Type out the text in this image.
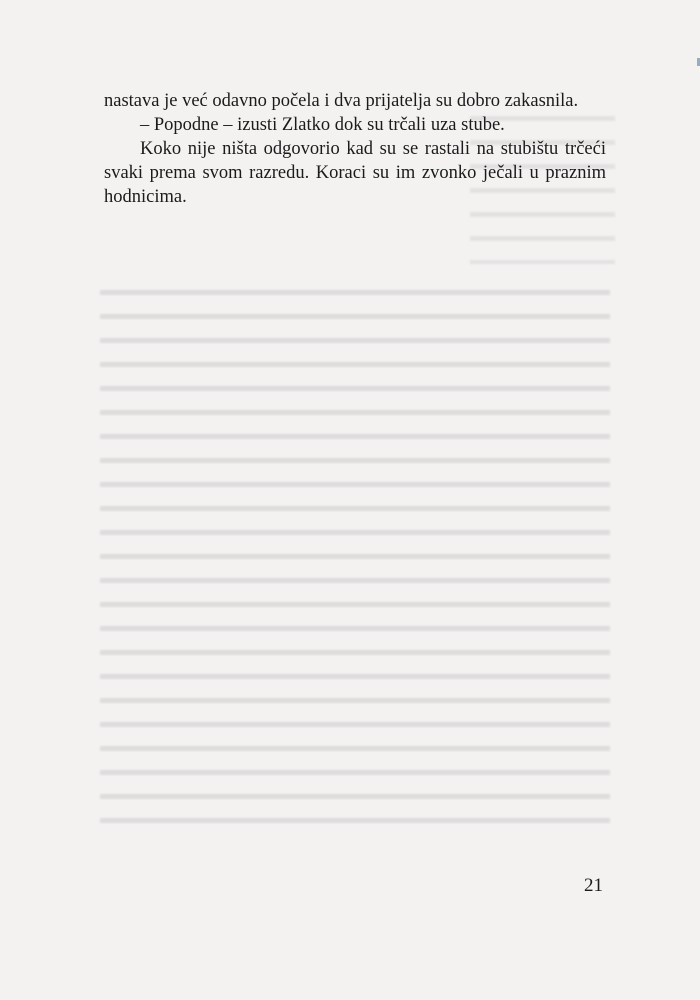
nastava je već odavno počela i dva prijatelja su dobro zakasnila.

– Popodne – izusti Zlatko dok su trčali uza stube.

Koko nije ništa odgovorio kad su se rastali na stubištu trčeći svaki prema svom razredu. Koraci su im zvonko ječali u praznim hodnicima.

21
